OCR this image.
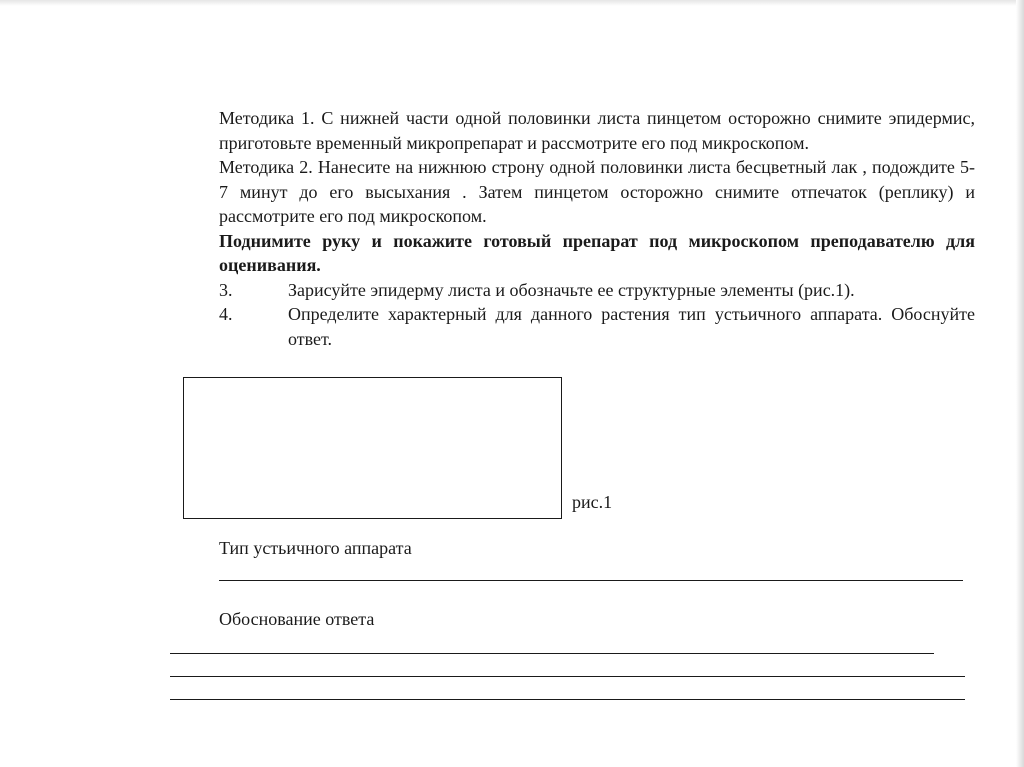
Методика 1. С нижней части одной половинки листа пинцетом осторожно снимите эпидермис, приготовьте временный микропрепарат и рассмотрите его под микроскопом.

Методика 2. Нанесите на нижнюю строну одной половинки листа бесцветный лак , подождите 5-7 минут до его высыхания . Затем пинцетом осторожно снимите отпечаток (реплику) и рассмотрите его под микроскопом.

Поднимите руку и покажите готовый препарат под микроскопом преподавателю для оценивания.

3.	Зарисуйте эпидерму листа и обозначьте ее структурные элементы (рис.1).
4.	Определите характерный для данного растения тип устьичного аппарата. Обоснуйте ответ.
рис.1
Тип устьичного аппарата
Обоснование ответа
